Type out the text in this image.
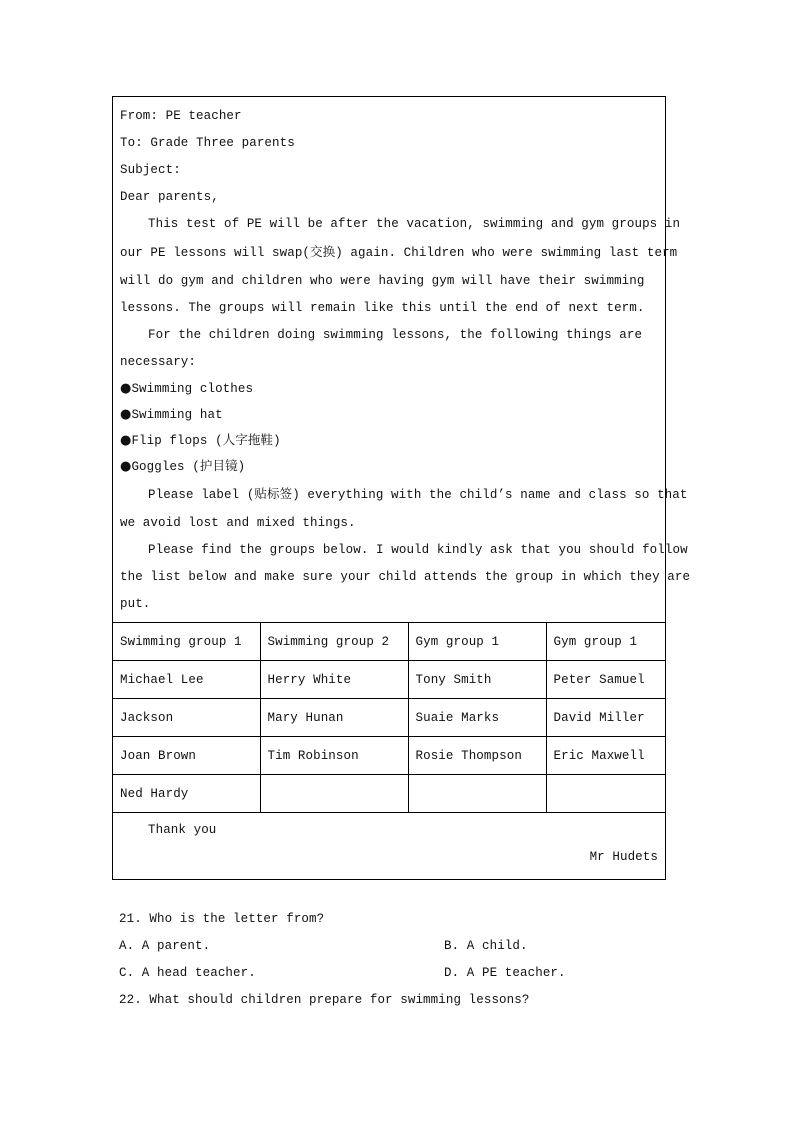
From: PE teacher
To: Grade Three parents
Subject:
Dear parents,
This test of PE will be after the vacation, swimming and gym groups in
our PE lessons will swap(交换) again. Children who were swimming last term
will do gym and children who were having gym will have their swimming
lessons. The groups will remain like this until the end of next term.
For the children doing swimming lessons, the following things are
necessary:
●Swimming clothes
●Swimming hat
●Flip flops (人字拖鞋)
●Goggles (护目镜)
Please label (贴标签) everything with the child’s name and class so that
we avoid lost and mixed things.
Please find the groups below. I would kindly ask that you should follow
the list below and make sure your child attends the group in which they are
put.
Swimming group 1	Swimming group 2	Gym group 1	Gym group 1
Michael Lee	Herry White	Tony Smith	Peter Samuel
Jackson	Mary Hunan	Suaie Marks	David Miller
Joan Brown	Tim Robinson	Rosie Thompson	Eric Maxwell
Ned Hardy			
Thank you
Mr Hudets
21. Who is the letter from?
A. A parent.	B. A child.
C. A head teacher.	D. A PE teacher.
22. What should children prepare for swimming lessons?
